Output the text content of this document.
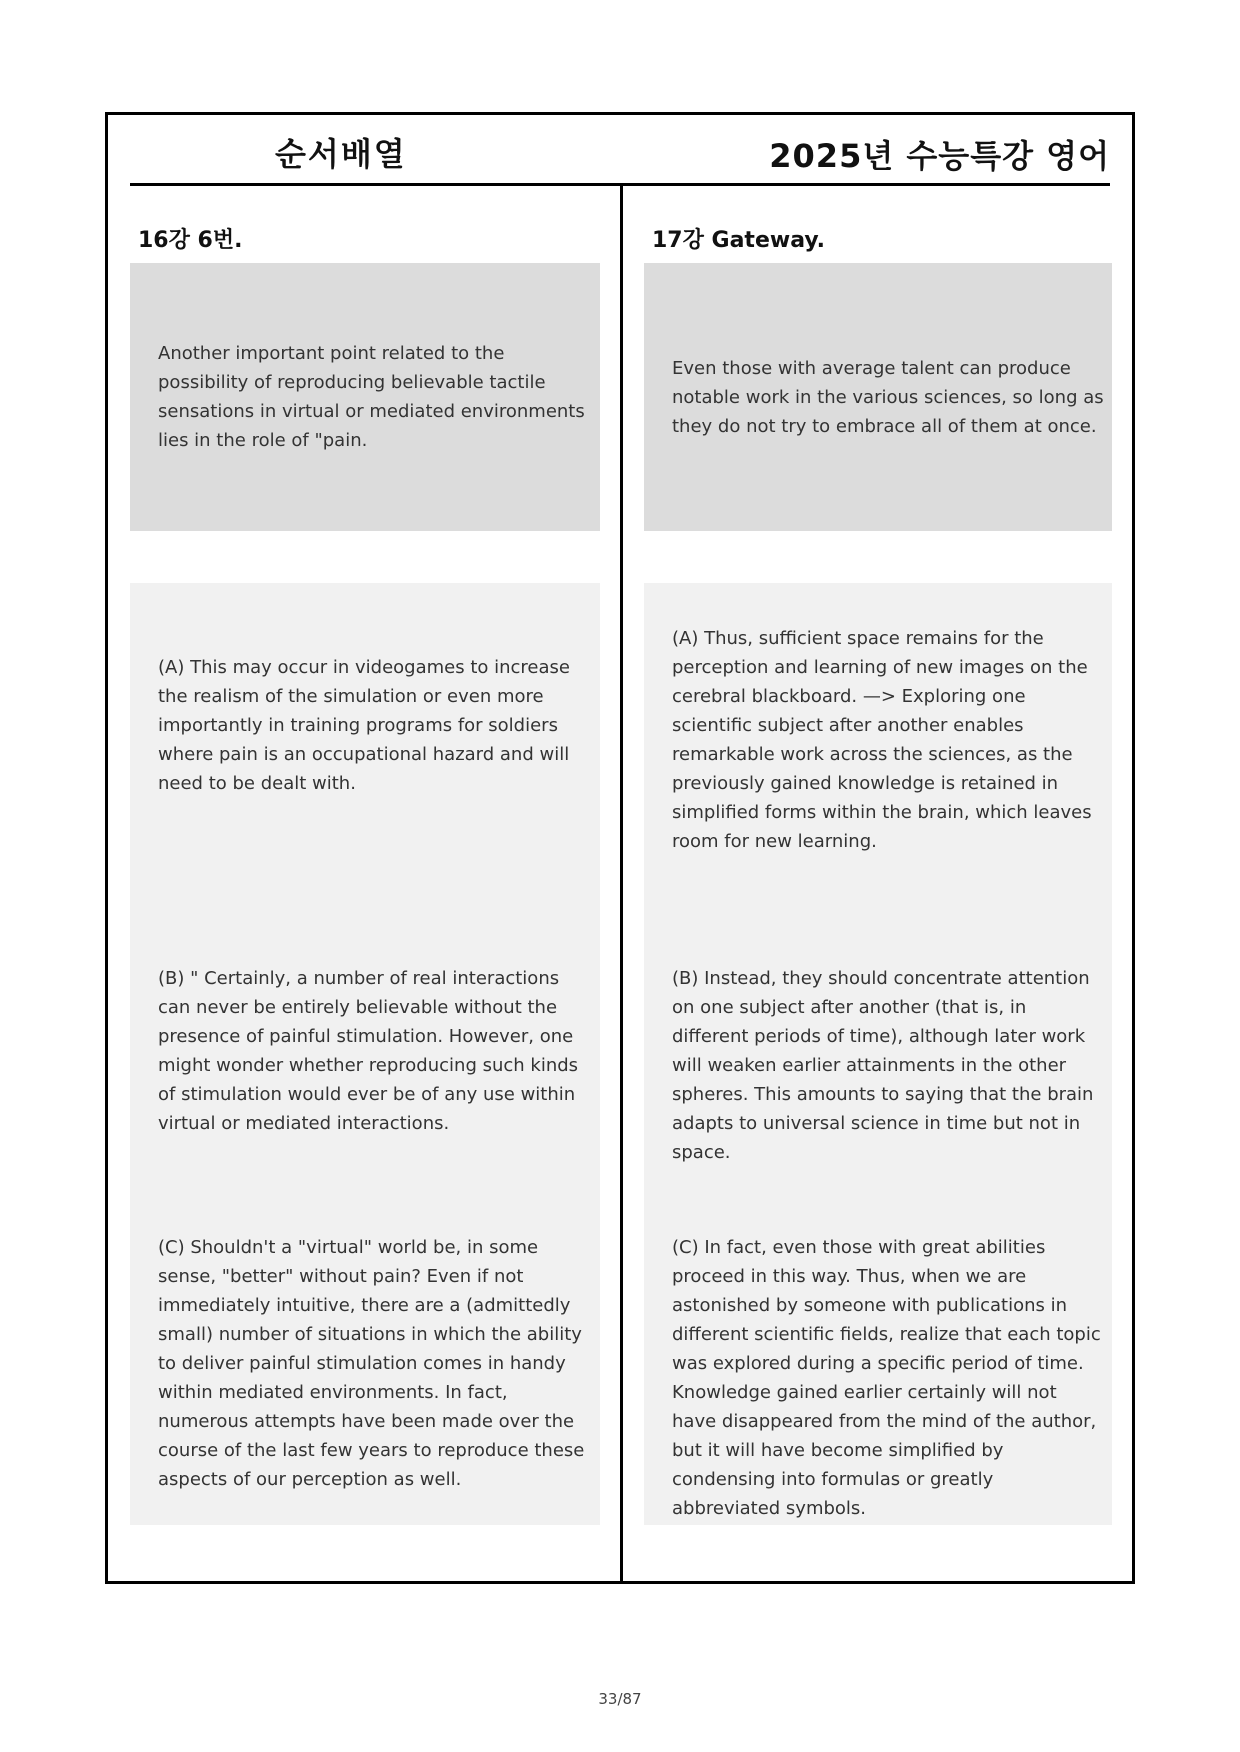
순서배열	2025년 수능특강 영어
16강 6번.
Another important point related to the possibility of reproducing believable tactile sensations in virtual or mediated environments lies in the role of "pain.
(A) This may occur in videogames to increase the realism of the simulation or even more importantly in training programs for soldiers where pain is an occupational hazard and will need to be dealt with.
(B) " Certainly, a number of real interactions can never be entirely believable without the presence of painful stimulation. However, one might wonder whether reproducing such kinds of stimulation would ever be of any use within virtual or mediated interactions.
(C) Shouldn't a "virtual" world be, in some sense, "better" without pain? Even if not immediately intuitive, there are a (admittedly small) number of situations in which the ability to deliver painful stimulation comes in handy within mediated environments. In fact, numerous attempts have been made over the course of the last few years to reproduce these aspects of our perception as well.
17강 Gateway.
Even those with average talent can produce notable work in the various sciences, so long as they do not try to embrace all of them at once.
(A) Thus, sufficient space remains for the perception and learning of new images on the cerebral blackboard. —> Exploring one scientific subject after another enables remarkable work across the sciences, as the previously gained knowledge is retained in simplified forms within the brain, which leaves room for new learning.
(B) Instead, they should concentrate attention on one subject after another (that is, in different periods of time), although later work will weaken earlier attainments in the other spheres. This amounts to saying that the brain adapts to universal science in time but not in space.
(C) In fact, even those with great abilities proceed in this way. Thus, when we are astonished by someone with publications in different scientific fields, realize that each topic was explored during a specific period of time. Knowledge gained earlier certainly will not have disappeared from the mind of the author, but it will have become simplified by condensing into formulas or greatly abbreviated symbols.
33/87
